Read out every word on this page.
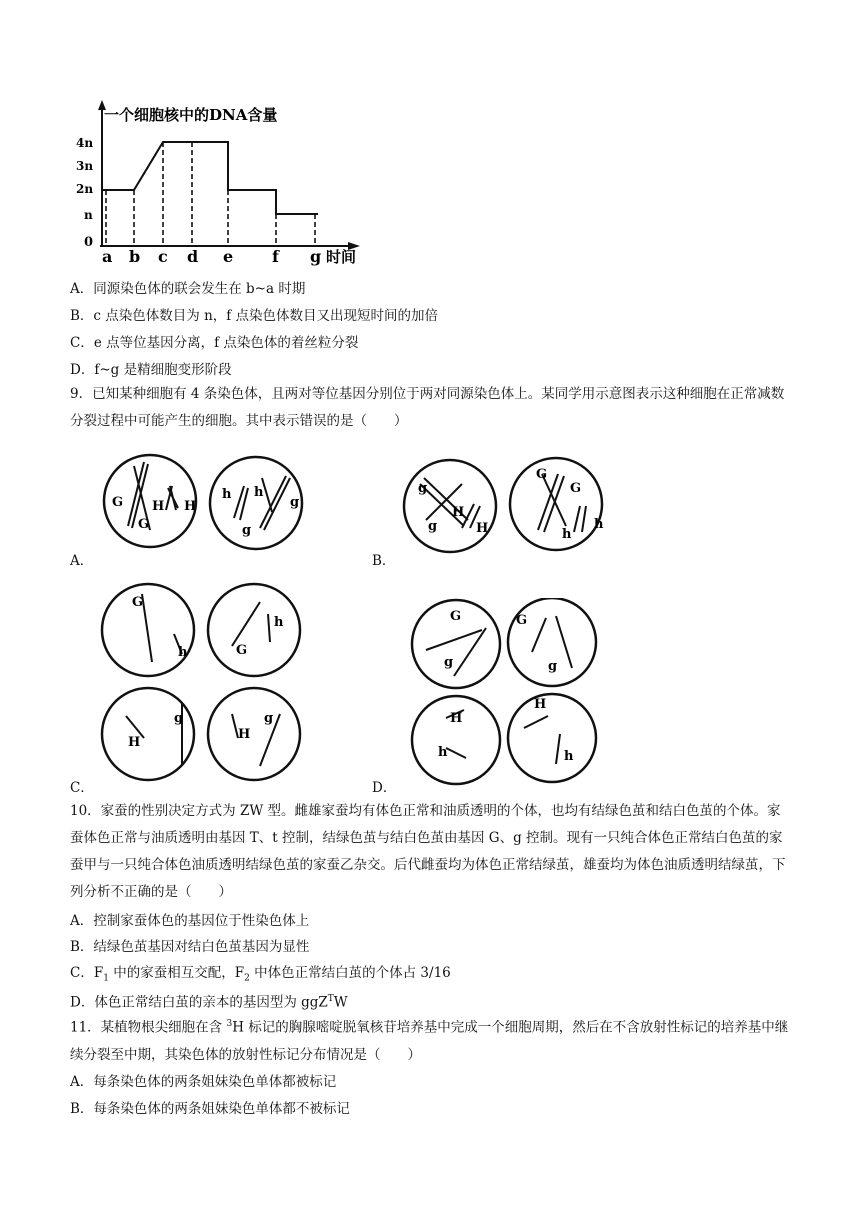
一个细胞核中的DNA含量
4n
3n
2n
n
0
a b c d e f g 时间
A．同源染色体的联会发生在 b~a 时期
B．c 点染色体数目为 n，f 点染色体数目又出现短时间的加倍
C．e 点等位基因分离，f 点染色体的着丝粒分裂
D．f~g 是精细胞变形阶段
9．已知某种细胞有 4 条染色体，且两对等位基因分别位于两对同源染色体上。某同学用示意图表示这种细胞在正常减数分裂过程中可能产生的细胞。其中表示错误的是（　　）
G
G
H H
h h
g
g
A．
g
g
H
H
G
G
h
h
B．
G
h	G
h
H
g
H
g
C．
G
g
G
g
H
h
H
h
D．
10．家蚕的性别决定方式为 ZW 型。雌雄家蚕均有体色正常和油质透明的个体，也均有结绿色茧和结白色茧的个体。家蚕体色正常与油质透明由基因 T、t 控制，结绿色茧与结白色茧由基因 G、g 控制。现有一只纯合体色正常结白色茧的家蚕甲与一只纯合体色油质透明结绿色茧的家蚕乙杂交。后代雌蚕均为体色正常结绿茧，雄蚕均为体色油质透明结绿茧，下列分析不正确的是（　　）
A．控制家蚕体色的基因位于性染色体上
B．结绿色茧基因对结白色茧基因为显性
C．$F_1$ 中的家蚕相互交配，$F_2$ 中体色正常结白茧的个体占 3/16
D．体色正常结白茧的亲本的基因型为 ggZ$^T$W
11．某植物根尖细胞在含 $^3$H 标记的胸腺嘧啶脱氧核苷培养基中完成一个细胞周期，然后在不含放射性标记的培养基中继续分裂至中期，其染色体的放射性标记分布情况是（　　）
A．每条染色体的两条姐妹染色单体都被标记
B．每条染色体的两条姐妹染色单体都不被标记
